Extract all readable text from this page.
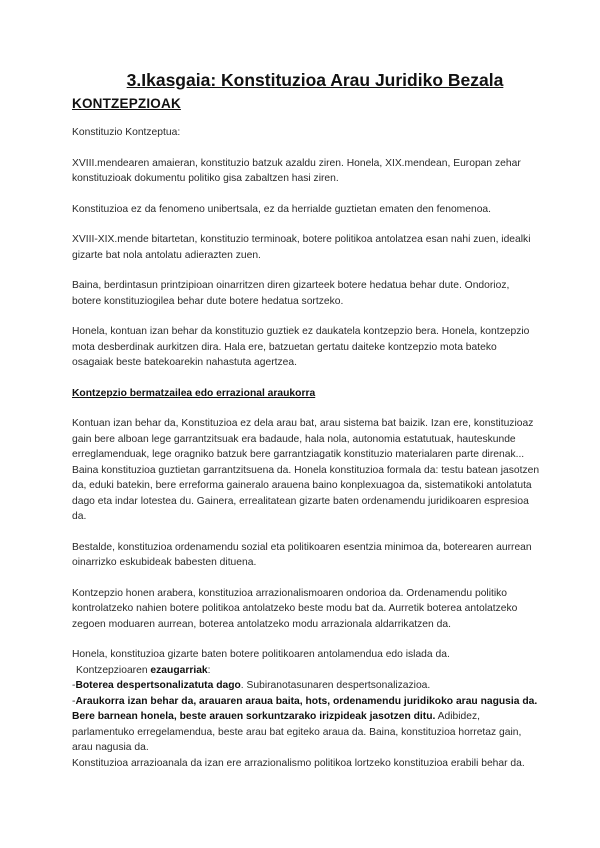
3.Ikasgaia: Konstituzioa Arau Juridiko Bezala
KONTZEPZIOAK

Konstituzio Kontzeptua:

XVIII.mendearen amaieran, konstituzio batzuk azaldu ziren. Honela, XIX.mendean, Europan zehar konstituzioak dokumentu politiko gisa zabaltzen hasi ziren.

Konstituzioa ez da fenomeno unibertsala, ez da herrialde guztietan ematen den fenomenoa.

XVIII-XIX.mende bitartetan, konstituzio terminoak, botere politikoa antolatzea esan nahi zuen, idealki gizarte bat nola antolatu adierazten zuen.

Baina, berdintasun printzipioan oinarritzen diren gizarteek botere hedatua behar dute. Ondorioz, botere konstituziogilea behar dute botere hedatua sortzeko.

Honela, kontuan izan behar da konstituzio guztiek ez daukatela kontzepzio bera. Honela, kontzepzio mota desberdinak aurkitzen dira. Hala ere, batzuetan gertatu daiteke kontzepzio mota bateko osagaiak beste batekoarekin nahastuta agertzea.

Kontzepzio bermatzailea edo errazional araukorra

Kontuan izan behar da, Konstituzioa ez dela arau bat, arau sistema bat baizik. Izan ere, konstituzioaz gain bere alboan lege garrantzitsuak era badaude, hala nola, autonomia estatutuak, hauteskunde erreglamenduak, lege oragniko batzuk bere garrantziagatik konstituzio materialaren parte direnak... Baina konstituzioa guztietan garrantzitsuena da. Honela konstituzioa formala da: testu batean jasotzen da, eduki batekin, bere erreforma gaineralo arauena baino konplexuagoa da, sistematikoki antolatuta dago eta indar lotestea du. Gainera, errealitatean gizarte baten ordenamendu juridikoaren espresioa da.

Bestalde, konstituzioa ordenamendu sozial eta politikoaren esentzia minimoa da, boterearen aurrean oinarrizko eskubideak babesten dituena.

Kontzepzio honen arabera, konstituzioa arrazionalismoaren ondorioa da. Ordenamendu politiko kontrolatzeko nahien botere politikoa antolatzeko beste modu bat da. Aurretik boterea antolatzeko zegoen moduaren aurrean, boterea antolatzeko modu arrazionala aldarrikatzen da.

Honela, konstituzioa gizarte baten botere politikoaren antolamendua edo islada da.

Kontzepzioaren ezaugarriak:

-Boterea despertsonalizatuta dago. Subiranotasunaren despertsonalizazioa.

-Araukorra izan behar da, arauaren araua baita, hots, ordenamendu juridikoko arau nagusia da. Bere barnean honela, beste arauen sorkuntzarako irizpideak jasotzen ditu. Adibidez, parlamentuko erregelamendua, beste arau bat egiteko araua da. Baina, konstituzioa horretaz gain, arau nagusia da.

Konstituzioa arrazioanala da izan ere arrazionalismo politikoa lortzeko konstituzioa erabili behar da.
